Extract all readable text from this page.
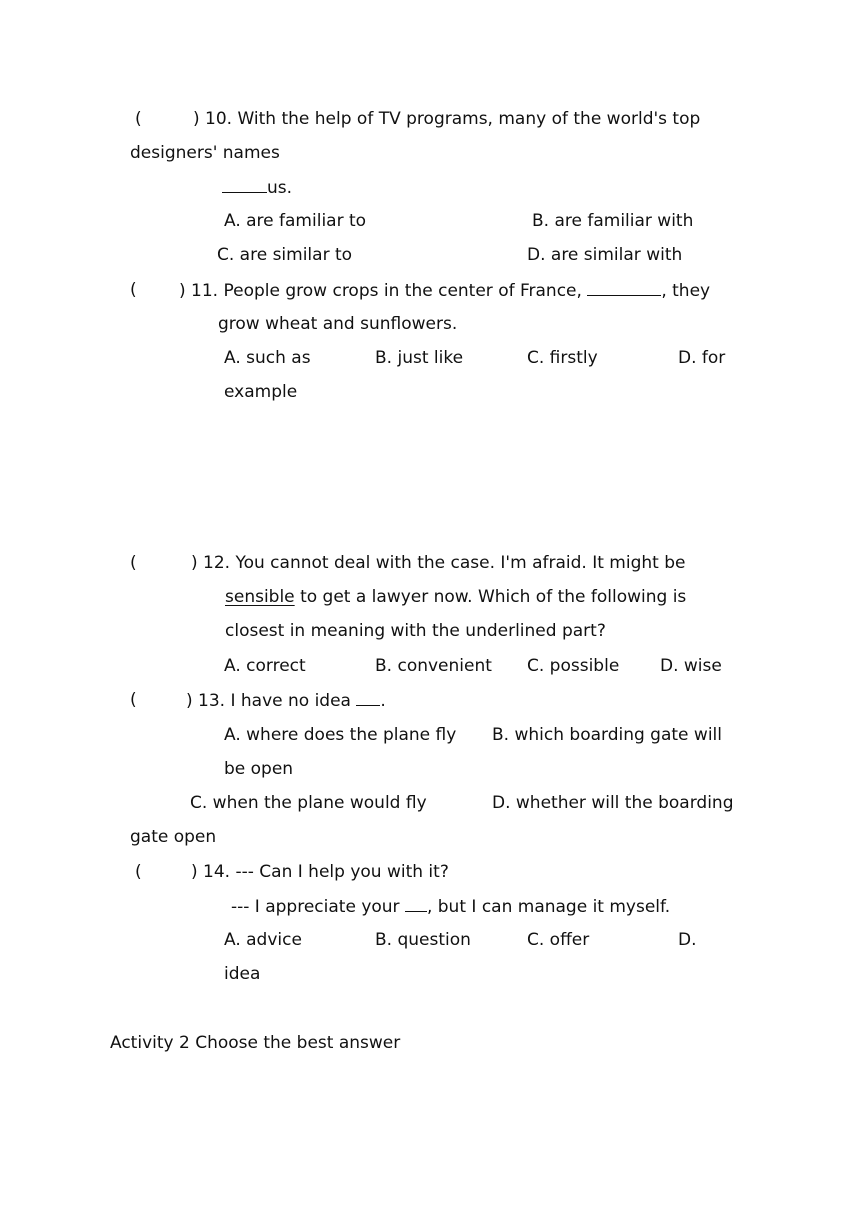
(	) 10. With the help of TV programs, many of the world's top
designers' names
us.
A. are familiar to	B. are familiar with
C. are similar to	D. are similar with
( ) 11. People grow crops in the center of France,	, they
grow wheat and sunflowers.
A. such as	B. just like	C. firstly	D. for
example
(	) 12. You cannot deal with the case. I'm afraid. It might be
sensible to get a lawyer now. Which of the following is
closest in meaning with the underlined part?
A. correct	B. convenient C. possible D. wise
(	) 13. I have no idea .
A. where does the plane fly B. which boarding gate will
be open
C. when the plane would fly	D. whether will the boarding
gate open
(	) 14. --- Can I help you with it?
--- I appreciate your , but I can manage it myself.
A. advice	B. question	C. offer	D.
idea
Activity 2 Choose the best answer
